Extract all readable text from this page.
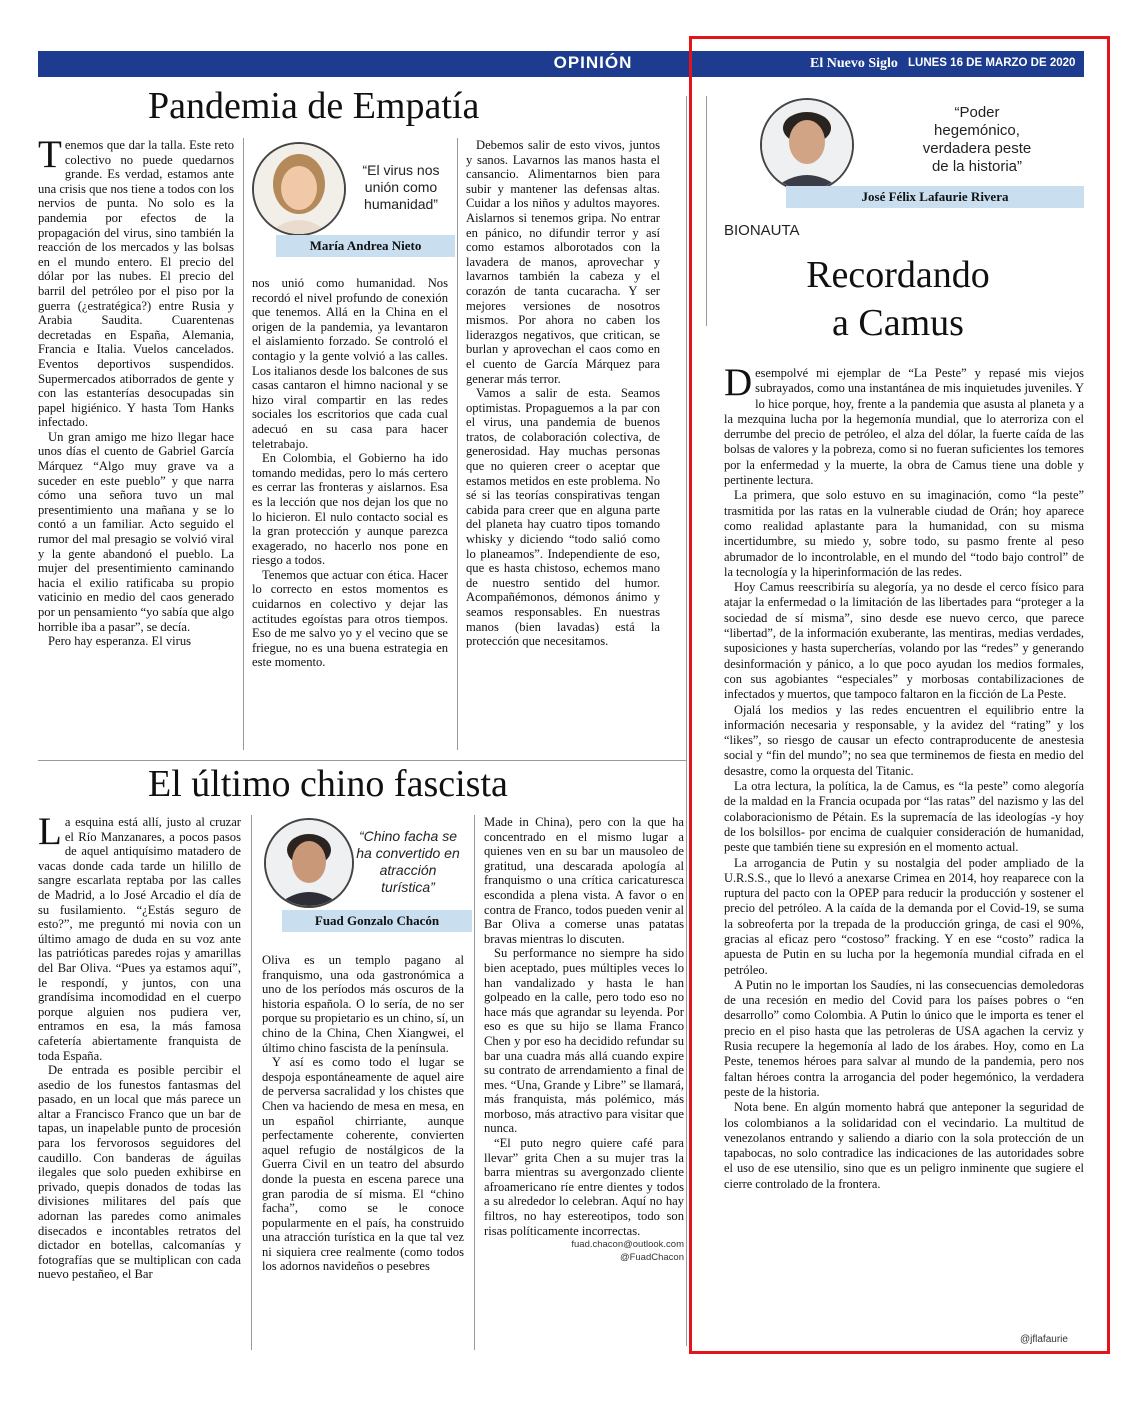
OPINIÓN	El Nuevo Siglo LUNES 16 DE MARZO DE 2020 9A
Pandemia de Empatía

Tenemos que dar la talla. Este reto colectivo no puede quedarnos grande. Es verdad, estamos ante una crisis que nos tiene a todos con los nervios de punta. No solo es la pandemia por efectos de la propagación del virus, sino también la reacción de los mercados y las bolsas en el mundo entero. El precio del dólar por las nubes. El precio del barril del petróleo por el piso por la guerra (¿estratégica?) entre Rusia y Arabia Saudita. Cuarentenas decretadas en España, Alemania, Francia e Italia. Vuelos cancelados. Eventos deportivos suspendidos. Supermercados atiborrados de gente y con las estanterías desocupadas sin papel higiénico. Y hasta Tom Hanks infectado.

Un gran amigo me hizo llegar hace unos días el cuento de Gabriel García Márquez “Algo muy grave va a suceder en este pueblo” y que narra cómo una señora tuvo un mal presentimiento una mañana y se lo contó a un familiar. Acto seguido el rumor del mal presagio se volvió viral y la gente abandonó el pueblo. La mujer del presentimiento caminando hacia el exilio ratificaba su propio vaticinio en medio del caos generado por un pensamiento “yo sabía que algo horrible iba a pasar”, se decía.

Pero hay esperanza. El virus

“El virus nos unión como humanidad”
María Andrea Nieto

nos unió como humanidad. Nos recordó el nivel profundo de conexión que tenemos. Allá en la China en el origen de la pandemia, ya levantaron el aislamiento forzado. Se controló el contagio y la gente volvió a las calles. Los italianos desde los balcones de sus casas cantaron el himno nacional y se hizo viral compartir en las redes sociales los escritorios que cada cual adecuó en su casa para hacer teletrabajo.

En Colombia, el Gobierno ha ido tomando medidas, pero lo más certero es cerrar las fronteras y aislarnos. Esa es la lección que nos dejan los que no lo hicieron. El nulo contacto social es la gran protección y aunque parezca exagerado, no hacerlo nos pone en riesgo a todos.

Tenemos que actuar con ética. Hacer lo correcto en estos momentos es cuidarnos en colectivo y dejar las actitudes egoístas para otros tiempos. Eso de me salvo yo y el vecino que se friegue, no es una buena estrategia en este momento.

Debemos salir de esto vivos, juntos y sanos. Lavarnos las manos hasta el cansancio. Alimentarnos bien para subir y mantener las defensas altas. Cuidar a los niños y adultos mayores. Aislarnos si tenemos gripa. No entrar en pánico, no difundir terror y así como estamos alborotados con la lavadera de manos, aprovechar y lavarnos también la cabeza y el corazón de tanta cucaracha. Y ser mejores versiones de nosotros mismos. Por ahora no caben los liderazgos negativos, que critican, se burlan y aprovechan el caos como en el cuento de García Márquez para generar más terror.

Vamos a salir de esta. Seamos optimistas. Propaguemos a la par con el virus, una pandemia de buenos tratos, de colaboración colectiva, de generosidad. Hay muchas personas que no quieren creer o aceptar que estamos metidos en este problema. No sé si las teorías conspirativas tengan cabida para creer que en alguna parte del planeta hay cuatro tipos tomando whisky y diciendo “todo salió como lo planeamos”. Independiente de eso, que es hasta chistoso, echemos mano de nuestro sentido del humor. Acompañémonos, démonos ánimo y seamos responsables. En nuestras manos (bien lavadas) está la protección que necesitamos.

El último chino fascista

La esquina está allí, justo al cruzar el Río Manzanares, a pocos pasos de aquel antiquísimo matadero de vacas donde cada tarde un hilillo de sangre escarlata reptaba por las calles de Madrid, a lo José Arcadio el día de su fusilamiento. “¿Estás seguro de esto?”, me preguntó mi novia con un último amago de duda en su voz ante las patrióticas paredes rojas y amarillas del Bar Oliva. “Pues ya estamos aquí”, le respondí, y juntos, con una grandísima incomodidad en el cuerpo porque alguien nos pudiera ver, entramos en esa, la más famosa cafetería abiertamente franquista de toda España.

De entrada es posible percibir el asedio de los funestos fantasmas del pasado, en un local que más parece un altar a Francisco Franco que un bar de tapas, un inapelable punto de procesión para los fervorosos seguidores del caudillo. Con banderas de águilas ilegales que solo pueden exhibirse en privado, quepis donados de todas las divisiones militares del país que adornan las paredes como animales disecados e incontables retratos del dictador en botellas, calcomanías y fotografías que se multiplican con cada nuevo pestañeo, el Bar

“Chino facha se ha convertido en atracción turística”
Fuad Gonzalo Chacón

Oliva es un templo pagano al franquismo, una oda gastronómica a uno de los períodos más oscuros de la historia española. O lo sería, de no ser porque su propietario es un chino, sí, un chino de la China, Chen Xiangwei, el último chino fascista de la península.

Y así es como todo el lugar se despoja espontáneamente de aquel aire de perversa sacralidad y los chistes que Chen va haciendo de mesa en mesa, en un español chirriante, aunque perfectamente coherente, convierten aquel refugio de nostálgicos de la Guerra Civil en un teatro del absurdo donde la puesta en escena parece una gran parodia de sí misma. El “chino facha”, como se le conoce popularmente en el país, ha construido una atracción turística en la que tal vez ni siquiera cree realmente (como todos los adornos navideños o pesebres

Made in China), pero con la que ha concentrado en el mismo lugar a quienes ven en su bar un mausoleo de gratitud, una descarada apología al franquismo o una crítica caricaturesca escondida a plena vista. A favor o en contra de Franco, todos pueden venir al Bar Oliva a comerse unas patatas bravas mientras lo discuten.

Su performance no siempre ha sido bien aceptado, pues múltiples veces lo han vandalizado y hasta le han golpeado en la calle, pero todo eso no hace más que agrandar su leyenda. Por eso es que su hijo se llama Franco Chen y por eso ha decidido refundar su bar una cuadra más allá cuando expire su contrato de arrendamiento a final de mes. “Una, Grande y Libre” se llamará, más franquista, más polémico, más morboso, más atractivo para visitar que nunca.

“El puto negro quiere café para llevar” grita Chen a su mujer tras la barra mientras su avergonzado cliente afroamericano ríe entre dientes y todos a su alrededor lo celebran. Aquí no hay filtros, no hay estereotipos, todo son risas políticamente incorrectas.

fuad.chacon@outlook.com

@FuadChacon

“Poder hegemónico, verdadera peste de la historia”
José Félix Lafaurie Rivera
BIONAUTA
Recordando
a Camus

Desempolvé mi ejemplar de “La Peste” y repasé mis viejos subrayados, como una instantánea de mis inquietudes juveniles. Y lo hice porque, hoy, frente a la pandemia que asusta al planeta y a la mezquina lucha por la hegemonía mundial, que lo aterroriza con el derrumbe del precio de petróleo, el alza del dólar, la fuerte caída de las bolsas de valores y la pobreza, como si no fueran suficientes los temores por la enfermedad y la muerte, la obra de Camus tiene una doble y pertinente lectura.

La primera, que solo estuvo en su imaginación, como “la peste” trasmitida por las ratas en la vulnerable ciudad de Orán; hoy aparece como realidad aplastante para la humanidad, con su misma incertidumbre, su miedo y, sobre todo, su pasmo frente al peso abrumador de lo incontrolable, en el mundo del “todo bajo control” de la tecnología y la hiperinformación de las redes.

Hoy Camus reescribiría su alegoría, ya no desde el cerco físico para atajar la enfermedad o la limitación de las libertades para “proteger a la sociedad de sí misma”, sino desde ese nuevo cerco, que parece “libertad”, de la información exuberante, las mentiras, medias verdades, suposiciones y hasta supercherías, volando por las “redes” y generando desinformación y pánico, a lo que poco ayudan los medios formales, con sus agobiantes “especiales” y morbosas contabilizaciones de infectados y muertos, que tampoco faltaron en la ficción de La Peste.

Ojalá los medios y las redes encuentren el equilibrio entre la información necesaria y responsable, y la avidez del “rating” y los “likes”, so riesgo de causar un efecto contraproducente de anestesia social y “fin del mundo”; no sea que terminemos de fiesta en medio del desastre, como la orquesta del Titanic.

La otra lectura, la política, la de Camus, es “la peste” como alegoría de la maldad en la Francia ocupada por “las ratas” del nazismo y las del colaboracionismo de Pétain. Es la supremacía de las ideologías -y hoy de los bolsillos- por encima de cualquier consideración de humanidad, peste que también tiene su expresión en el momento actual.

La arrogancia de Putin y su nostalgia del poder ampliado de la U.R.S.S., que lo llevó a anexarse Crimea en 2014, hoy reaparece con la ruptura del pacto con la OPEP para reducir la producción y sostener el precio del petróleo. A la caída de la demanda por el Covid-19, se suma la sobreoferta por la trepada de la producción gringa, de casi el 90%, gracias al eficaz pero “costoso” fracking. Y en ese “costo” radica la apuesta de Putin en su lucha por la hegemonía mundial cifrada en el petróleo.

A Putin no le importan los Saudíes, ni las consecuencias demoledoras de una recesión en medio del Covid para los países pobres o “en desarrollo” como Colombia. A Putin lo único que le importa es tener el precio en el piso hasta que las petroleras de USA agachen la cerviz y Rusia recupere la hegemonía al lado de los árabes. Hoy, como en La Peste, tenemos héroes para salvar al mundo de la pandemia, pero nos faltan héroes contra la arrogancia del poder hegemónico, la verdadera peste de la historia.

Nota bene. En algún momento habrá que anteponer la seguridad de los colombianos a la solidaridad con el vecindario. La multitud de venezolanos entrando y saliendo a diario con la sola protección de un tapabocas, no solo contradice las indicaciones de las autoridades sobre el uso de ese utensilio, sino que es un peligro inminente que sugiere el cierre controlado de la frontera.

@jflafaurie
